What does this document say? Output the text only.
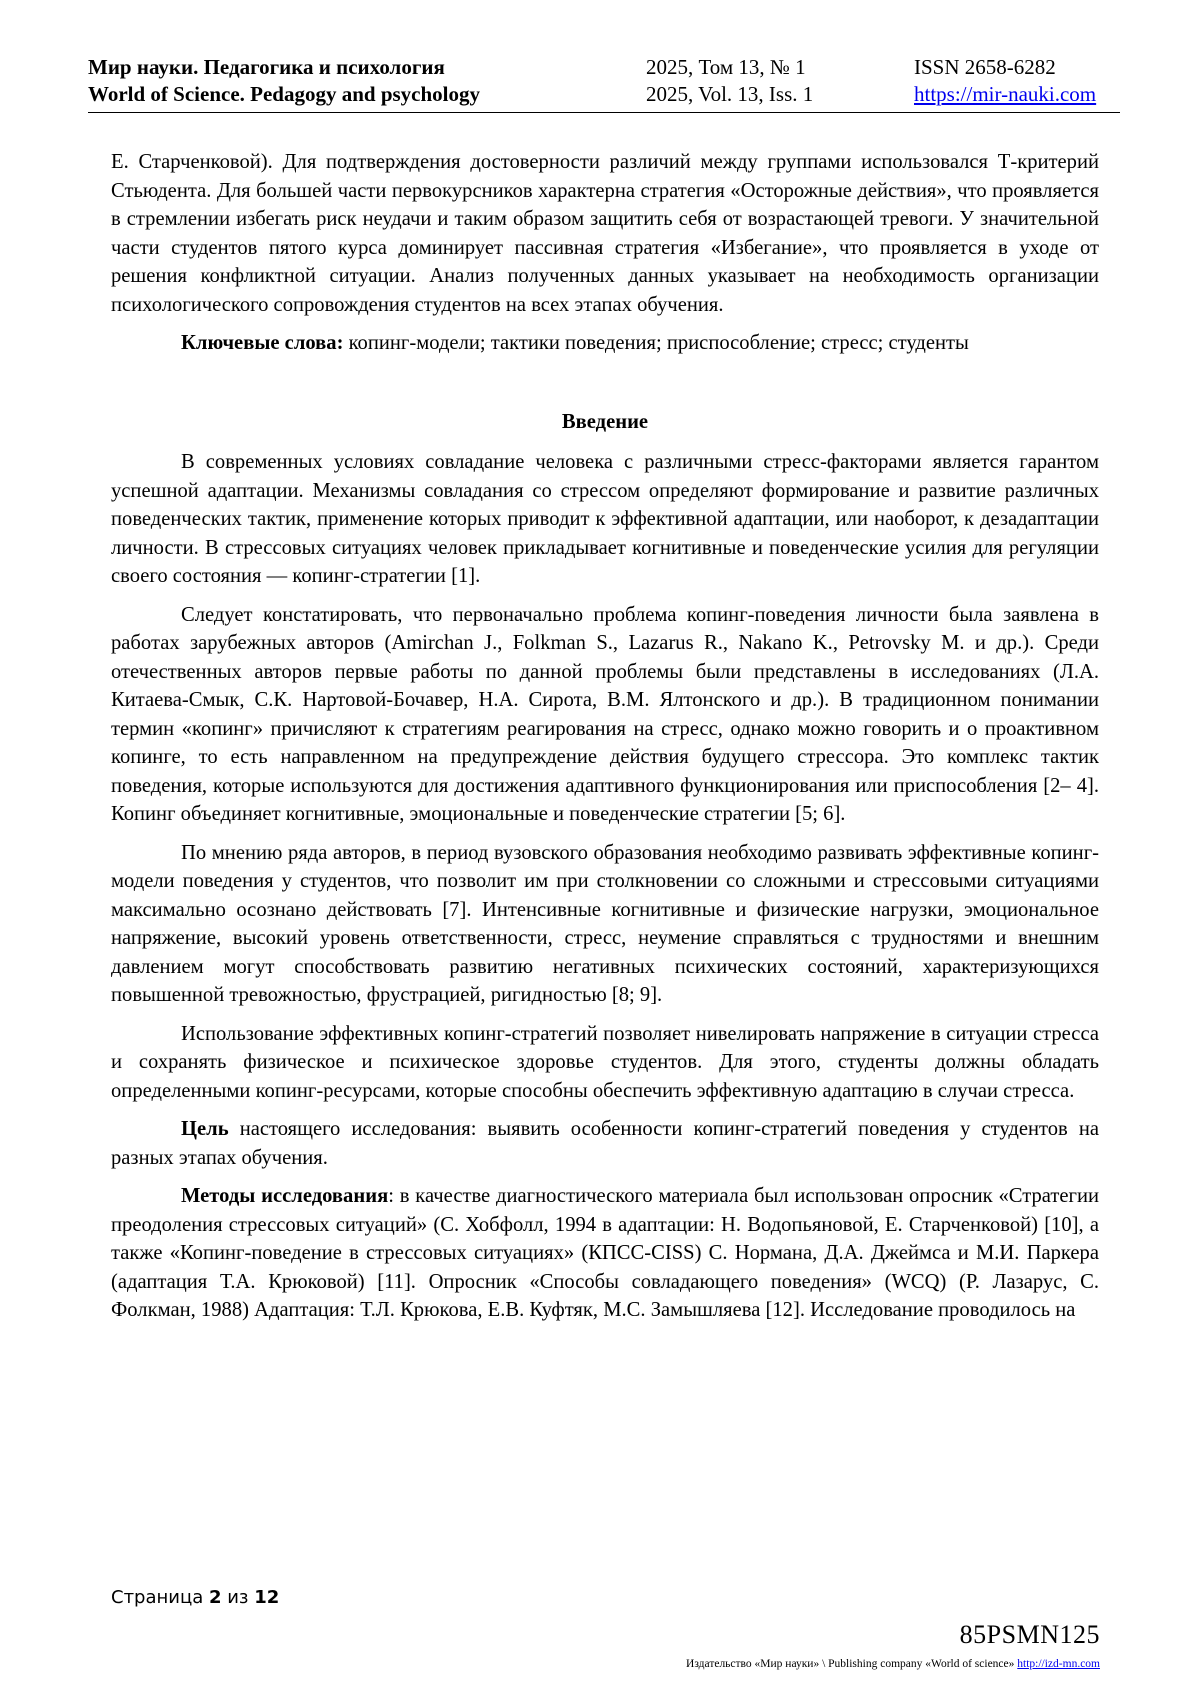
Мир науки. Педагогика и психология	2025, Том 13, № 1	ISSN 2658-6282
World of Science. Pedagogy and psychology	2025, Vol. 13, Iss. 1	https://mir-nauki.com

Е. Старченковой). Для подтверждения достоверности различий между группами использовался Т-критерий Стьюдента. Для большей части первокурсников характерна стратегия «Осторожные действия», что проявляется в стремлении избегать риск неудачи и таким образом защитить себя от возрастающей тревоги. У значительной части студентов пятого курса доминирует пассивная стратегия «Избегание», что проявляется в уходе от решения конфликтной ситуации. Анализ полученных данных указывает на необходимость организации психологического сопровождения студентов на всех этапах обучения.

Ключевые слова: копинг-модели; тактики поведения; приспособление; стресс; студенты

Введение

В современных условиях совладание человека с различными стресс-факторами является гарантом успешной адаптации. Механизмы совладания со стрессом определяют формирование и развитие различных поведенческих тактик, применение которых приводит к эффективной адаптации, или наоборот, к дезадаптации личности. В стрессовых ситуациях человек прикладывает когнитивные и поведенческие усилия для регуляции своего состояния — копинг-стратегии [1].

Следует констатировать, что первоначально проблема копинг-поведения личности была заявлена в работах зарубежных авторов (Amirchan J., Folkman S., Lazarus R., Nakano K., Petrovsky M. и др.). Среди отечественных авторов первые работы по данной проблемы были представлены в исследованиях (Л.А. Китаева-Смык, С.К. Нартовой-Бочавер, Н.А. Сирота, В.М. Ялтонского и др.). В традиционном понимании термин «копинг» причисляют к стратегиям реагирования на стресс, однако можно говорить и о проактивном копинге, то есть направленном на предупреждение действия будущего стрессора. Это комплекс тактик поведения, которые используются для достижения адаптивного функционирования или приспособления [2– 4]. Копинг объединяет когнитивные, эмоциональные и поведенческие стратегии [5; 6].

По мнению ряда авторов, в период вузовского образования необходимо развивать эффективные копинг-модели поведения у студентов, что позволит им при столкновении со сложными и стрессовыми ситуациями максимально осознано действовать [7]. Интенсивные когнитивные и физические нагрузки, эмоциональное напряжение, высокий уровень ответственности, стресс, неумение справляться с трудностями и внешним давлением могут способствовать развитию негативных психических состояний, характеризующихся повышенной тревожностью, фрустрацией, ригидностью [8; 9].

Использование эффективных копинг-стратегий позволяет нивелировать напряжение в ситуации стресса и сохранять физическое и психическое здоровье студентов. Для этого, студенты должны обладать определенными копинг-ресурсами, которые способны обеспечить эффективную адаптацию в случаи стресса.

Цель настоящего исследования: выявить особенности копинг-стратегий поведения у студентов на разных этапах обучения.

Методы исследования: в качестве диагностического материала был использован опросник «Стратегии преодоления стрессовых ситуаций» (С. Хобфолл, 1994 в адаптации: Н. Водопьяновой, Е. Старченковой) [10], а также «Копинг-поведение в стрессовых ситуациях» (КПСС-CISS) С. Нормана, Д.А. Джеймса и М.И. Паркера (адаптация Т.А. Крюковой) [11]. Опросник «Способы совладающего поведения» (WCQ) (Р. Лазарус, С. Фолкман, 1988) Адаптация: Т.Л. Крюкова, Е.В. Куфтяк, М.С. Замышляева [12]. Исследование проводилось на

Страница 2 из 12
85PSMN125
Издательство «Мир науки» \ Publishing company «World of science» http://izd-mn.com
